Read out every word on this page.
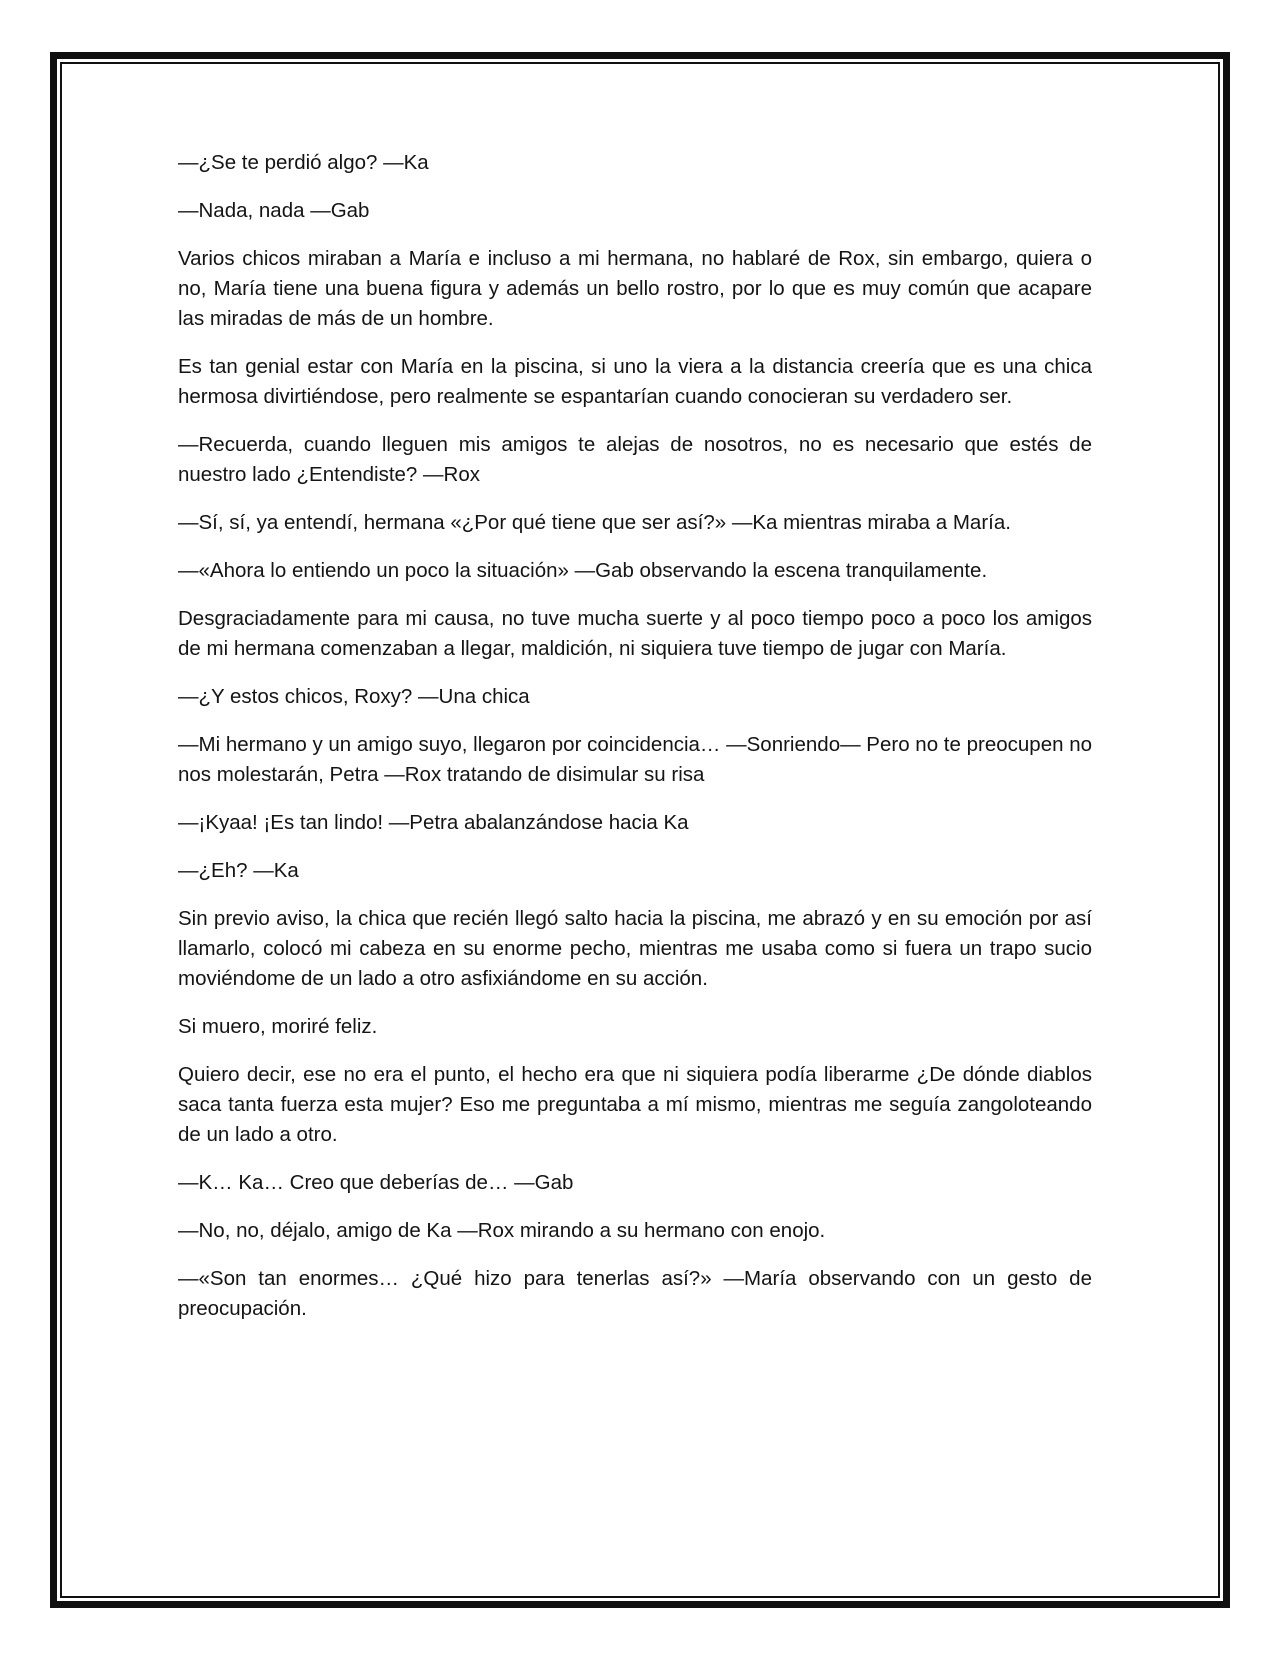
—¿Se te perdió algo? —Ka

—Nada, nada —Gab

Varios chicos miraban a María e incluso a mi hermana, no hablaré de Rox, sin embargo, quiera o no, María tiene una buena figura y además un bello rostro, por lo que es muy común que acapare las miradas de más de un hombre.

Es tan genial estar con María en la piscina, si uno la viera a la distancia creería que es una chica hermosa divirtiéndose, pero realmente se espantarían cuando conocieran su verdadero ser.

—Recuerda, cuando lleguen mis amigos te alejas de nosotros, no es necesario que estés de nuestro lado ¿Entendiste? —Rox

—Sí, sí, ya entendí, hermana «¿Por qué tiene que ser así?» —Ka mientras miraba a María.

—«Ahora lo entiendo un poco la situación» —Gab observando la escena tranquilamente.

Desgraciadamente para mi causa, no tuve mucha suerte y al poco tiempo poco a poco los amigos de mi hermana comenzaban a llegar, maldición, ni siquiera tuve tiempo de jugar con María.

—¿Y estos chicos, Roxy? —Una chica

—Mi hermano y un amigo suyo, llegaron por coincidencia… —Sonriendo— Pero no te preocupen no nos molestarán, Petra —Rox tratando de disimular su risa

—¡Kyaa! ¡Es tan lindo! —Petra abalanzándose hacia Ka

—¿Eh? —Ka

Sin previo aviso, la chica que recién llegó salto hacia la piscina, me abrazó y en su emoción por así llamarlo, colocó mi cabeza en su enorme pecho, mientras me usaba como si fuera un trapo sucio moviéndome de un lado a otro asfixiándome en su acción.

Si muero, moriré feliz.

Quiero decir, ese no era el punto, el hecho era que ni siquiera podía liberarme ¿De dónde diablos saca tanta fuerza esta mujer? Eso me preguntaba a mí mismo, mientras me seguía zangoloteando de un lado a otro.

—K… Ka… Creo que deberías de… —Gab

—No, no, déjalo, amigo de Ka —Rox mirando a su hermano con enojo.

—«Son tan enormes… ¿Qué hizo para tenerlas así?» —María observando con un gesto de preocupación.
